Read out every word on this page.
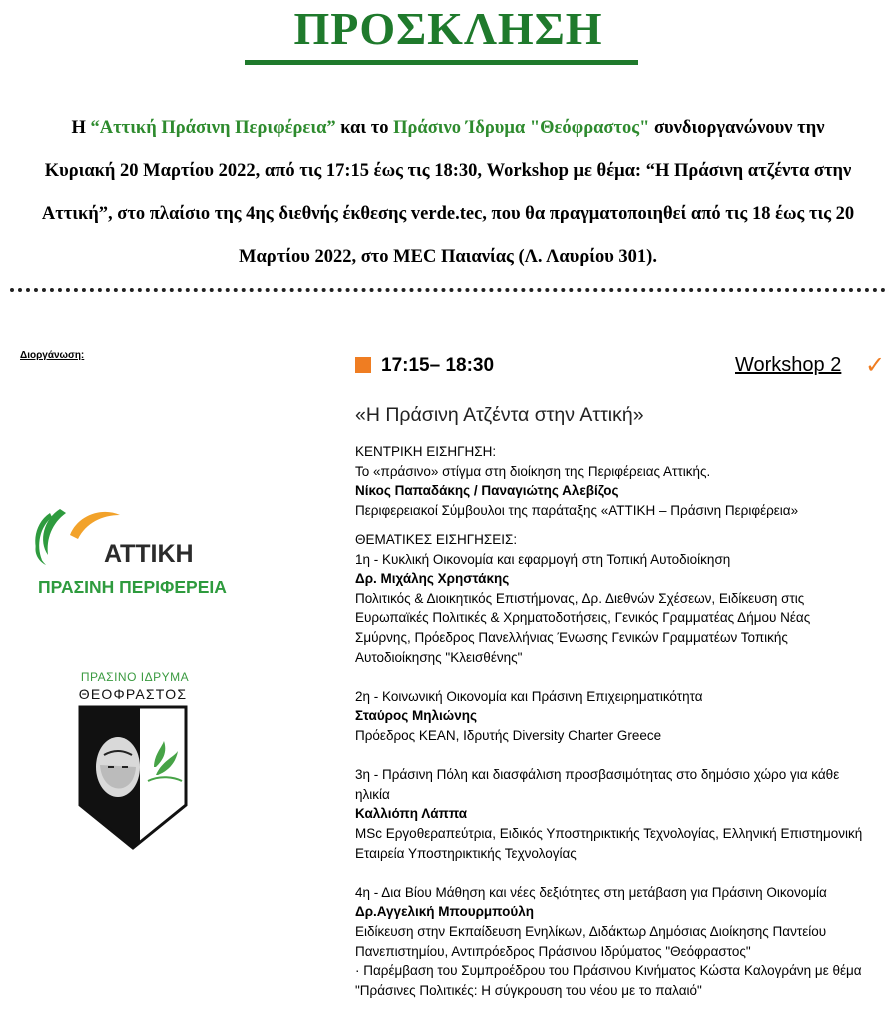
ΠΡΟΣΚΛΗΣΗ
Η “Αττική Πράσινη Περιφέρεια” και το Πράσινο Ίδρυμα "Θεόφραστος" συνδιοργανώνουν την
Κυριακή 20 Μαρτίου 2022, από τις 17:15 έως τις 18:30, Workshop με θέμα: “Η Πράσινη ατζέντα στην
Αττική”, στο πλαίσιο της 4ης διεθνής έκθεσης verde.tec, που θα πραγματοποιηθεί από τις 18 έως τις 20
Μαρτίου 2022, στο MEC Παιανίας (Λ. Λαυρίου 301).
Διοργάνωση:
ΑΤΤΙΚΗ
ΠΡΑΣΙΝΗ ΠΕΡΙΦΕΡΕΙΑ
ΠΡΑΣΙΝΟ ΙΔΡΥΜΑ
ΘΕΟΦΡΑΣΤΟΣ
17:15– 18:30	Workshop 2 ✓
«Η Πράσινη Ατζέντα στην Αττική»
ΚΕΝΤΡΙΚΗ ΕΙΣΗΓΗΣΗ:
Το «πράσινο» στίγμα στη διοίκηση της Περιφέρειας Αττικής.
Νίκος Παπαδάκης / Παναγιώτης Αλεβίζος
Περιφερειακοί Σύμβουλοι της παράταξης «ΑΤΤΙΚΗ – Πράσινη Περιφέρεια»
ΘΕΜΑΤΙΚΕΣ ΕΙΣΗΓΗΣΕΙΣ:
1η - Κυκλική Οικονομία και εφαρμογή στη Τοπική Αυτοδιοίκηση
Δρ. Μιχάλης Χρηστάκης
Πολιτικός & Διοικητικός Επιστήμονας, Δρ. Διεθνών Σχέσεων, Ειδίκευση στις
Ευρωπαϊκές Πολιτικές & Χρηματοδοτήσεις, Γενικός Γραμματέας Δήμου Νέας
Σμύρνης, Πρόεδρος Πανελλήνιας Ένωσης Γενικών Γραμματέων Τοπικής
Αυτοδιοίκησης "Κλεισθένης"
2η - Κοινωνική Οικονομία και Πράσινη Επιχειρηματικότητα
Σταύρος Μηλιώνης
Πρόεδρος ΚΕΑΝ, Ιδρυτής Diversity Charter Greece
3η - Πράσινη Πόλη και διασφάλιση προσβασιμότητας στο δημόσιο χώρο για κάθε
ηλικία
Καλλιόπη Λάππα
MSc Εργοθεραπεύτρια, Ειδικός Υποστηρικτικής Τεχνολογίας, Ελληνική Επιστημονική
Εταιρεία Υποστηρικτικής Τεχνολογίας
4η - Δια Βίου Μάθηση και νέες δεξιότητες στη μετάβαση για Πράσινη Οικονομία
Δρ.Αγγελική Μπουρμπούλη
Ειδίκευση στην Εκπαίδευση Ενηλίκων, Διδάκτωρ Δημόσιας Διοίκησης Παντείου
Πανεπιστημίου, Αντιπρόεδρος Πράσινου Ιδρύματος "Θεόφραστος"
· Παρέμβαση του Συμπροέδρου του Πράσινου Κινήματος Κώστα Καλογράνη με θέμα
"Πράσινες Πολιτικές: Η σύγκρουση του νέου με το παλαιό"
